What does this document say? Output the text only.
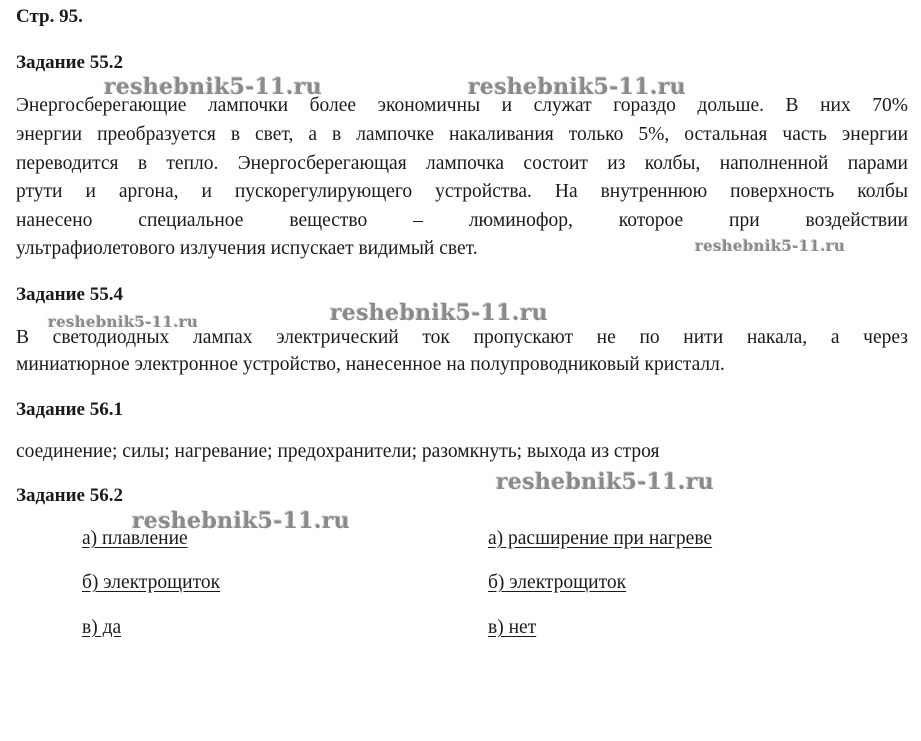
Стр. 95.
Задание 55.2
reshebnik5-11.ru	reshebnik5-11.ru
Энергосберегающие лампочки более экономичны и служат гораздо дольше. В них 70%
энергии преобразуется в свет, а в лампочке накаливания только 5%, остальная часть энергии
переводится в тепло. Энергосберегающая лампочка состоит из колбы, наполненной парами
ртути и аргона, и пускорегулирующего устройства. На внутреннюю поверхность колбы
нанесено специальное вещество – люминофор, которое при воздействии
ультрафиолетового излучения испускает видимый свет.	reshebnik5-11.ru
Задание 55.4
reshebnik5-11.ru
reshebnik5-11.ru
В светодиодных лампах электрический ток пропускают не по нити накала, а через
миниатюрное электронное устройство, нанесенное на полупроводниковый кристалл.
Задание 56.1
соединение; силы; нагревание; предохранители; разомкнуть; выхода из строя
reshebnik5-11.ru
Задание 56.2
reshebnik5-11.ru
а) плавление	а) расширение при нагреве
б) электрощиток	б) электрощиток
в) да	в) нет
